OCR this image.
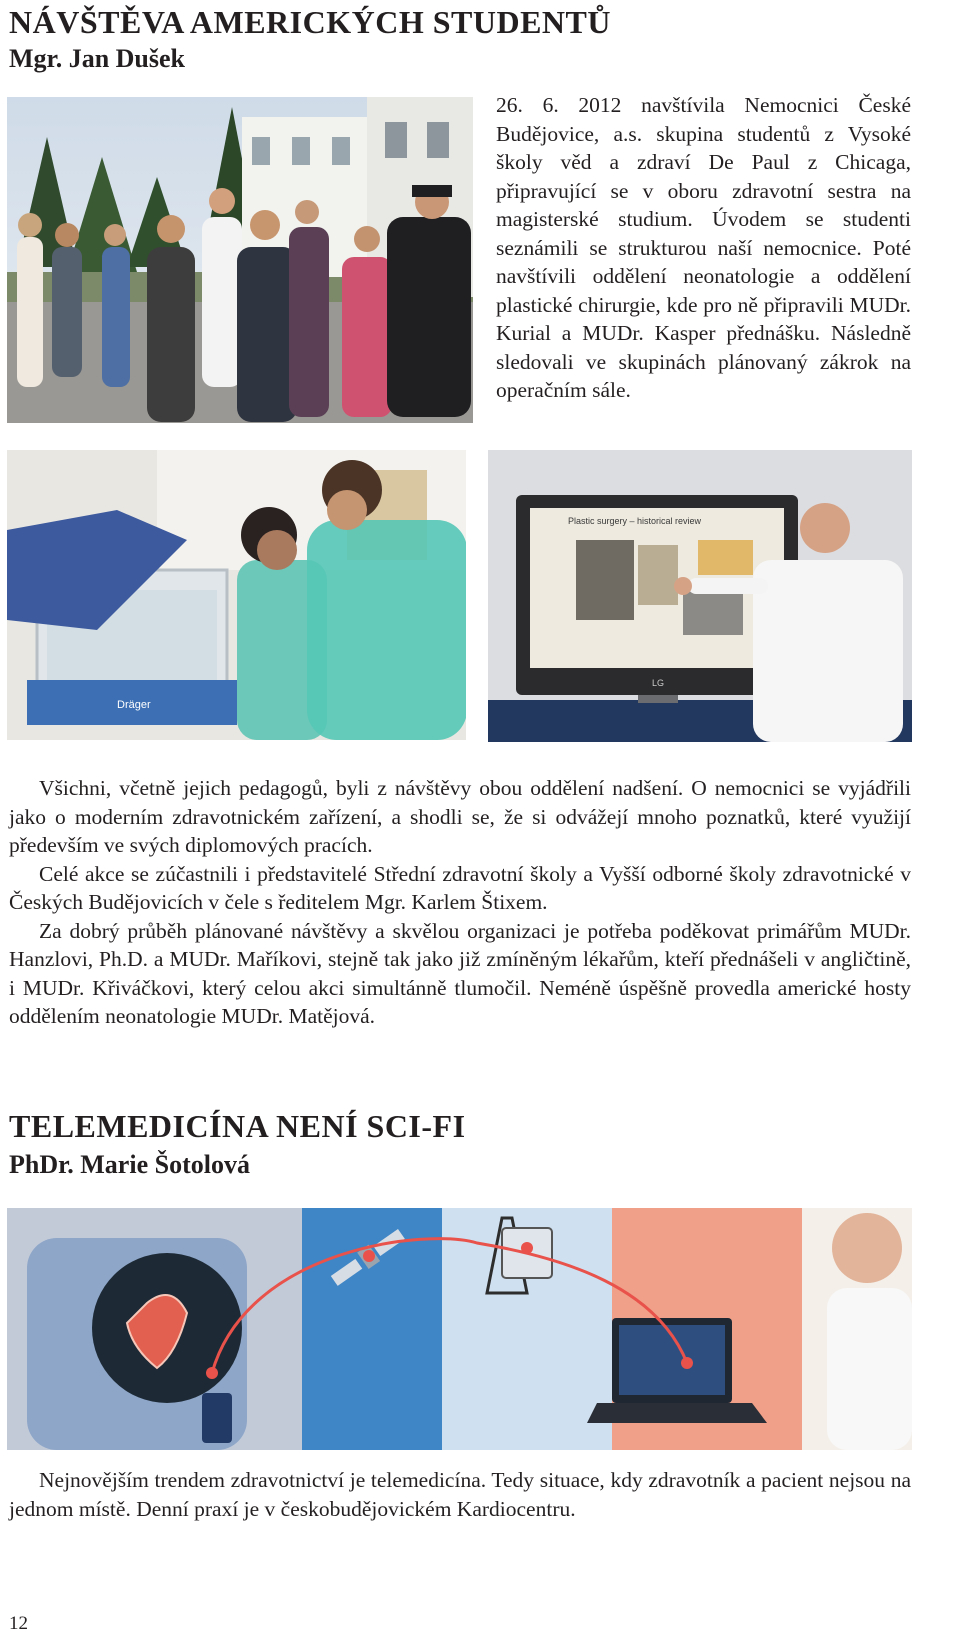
NÁVŠTĚVA AMERICKÝCH STUDENTŮ
Mgr. Jan Dušek
26. 6. 2012 navštívila Nemocnici České Budějovice, a.s. skupina studentů z Vysoké školy věd a zdraví De Paul z Chicaga, připravující se v oboru zdravotní sestra na magisterské studium. Úvodem se studenti seznámili se strukturou naší nemocnice. Poté navštívili oddělení neonatologie a oddělení plastické chirurgie, kde pro ně připravili MUDr. Kurial a MUDr. Kasper přednášku. Následně sledovali ve skupinách plánovaný zákrok na operačním sále.
Dräger
Plastic surgery – historical review
LG
Všichni, včetně jejich pedagogů, byli z návštěvy obou oddělení nadšení. O nemocnici se vyjádřili jako o moderním zdravotnickém zařízení, a shodli se, že si odvážejí mnoho poznatků, které využijí především ve svých diplomových pracích.
Celé akce se zúčastnili i představitelé Střední zdravotní školy a Vyšší odborné školy zdravotnické v Českých Budějovicích v čele s ředitelem Mgr. Karlem Štixem.
Za dobrý průběh plánované návštěvy a skvělou organizaci je potřeba poděkovat primářům MUDr. Hanzlovi, Ph.D. a MUDr. Maříkovi, stejně tak jako již zmíněným lékařům, kteří přednášeli v angličtině, i MUDr. Křiváčkovi, který celou akci simultánně tlumočil. Neméně úspěšně provedla americké hosty oddělením neonatologie MUDr. Matějová.
TELEMEDICÍNA NENÍ SCI-FI
PhDr. Marie Šotolová
Nejnovějším trendem zdravotnictví je telemedicína. Tedy situace, kdy zdravotník a pacient nejsou na jednom místě. Denní praxí je v českobudějovickém Kardiocentru.
12
